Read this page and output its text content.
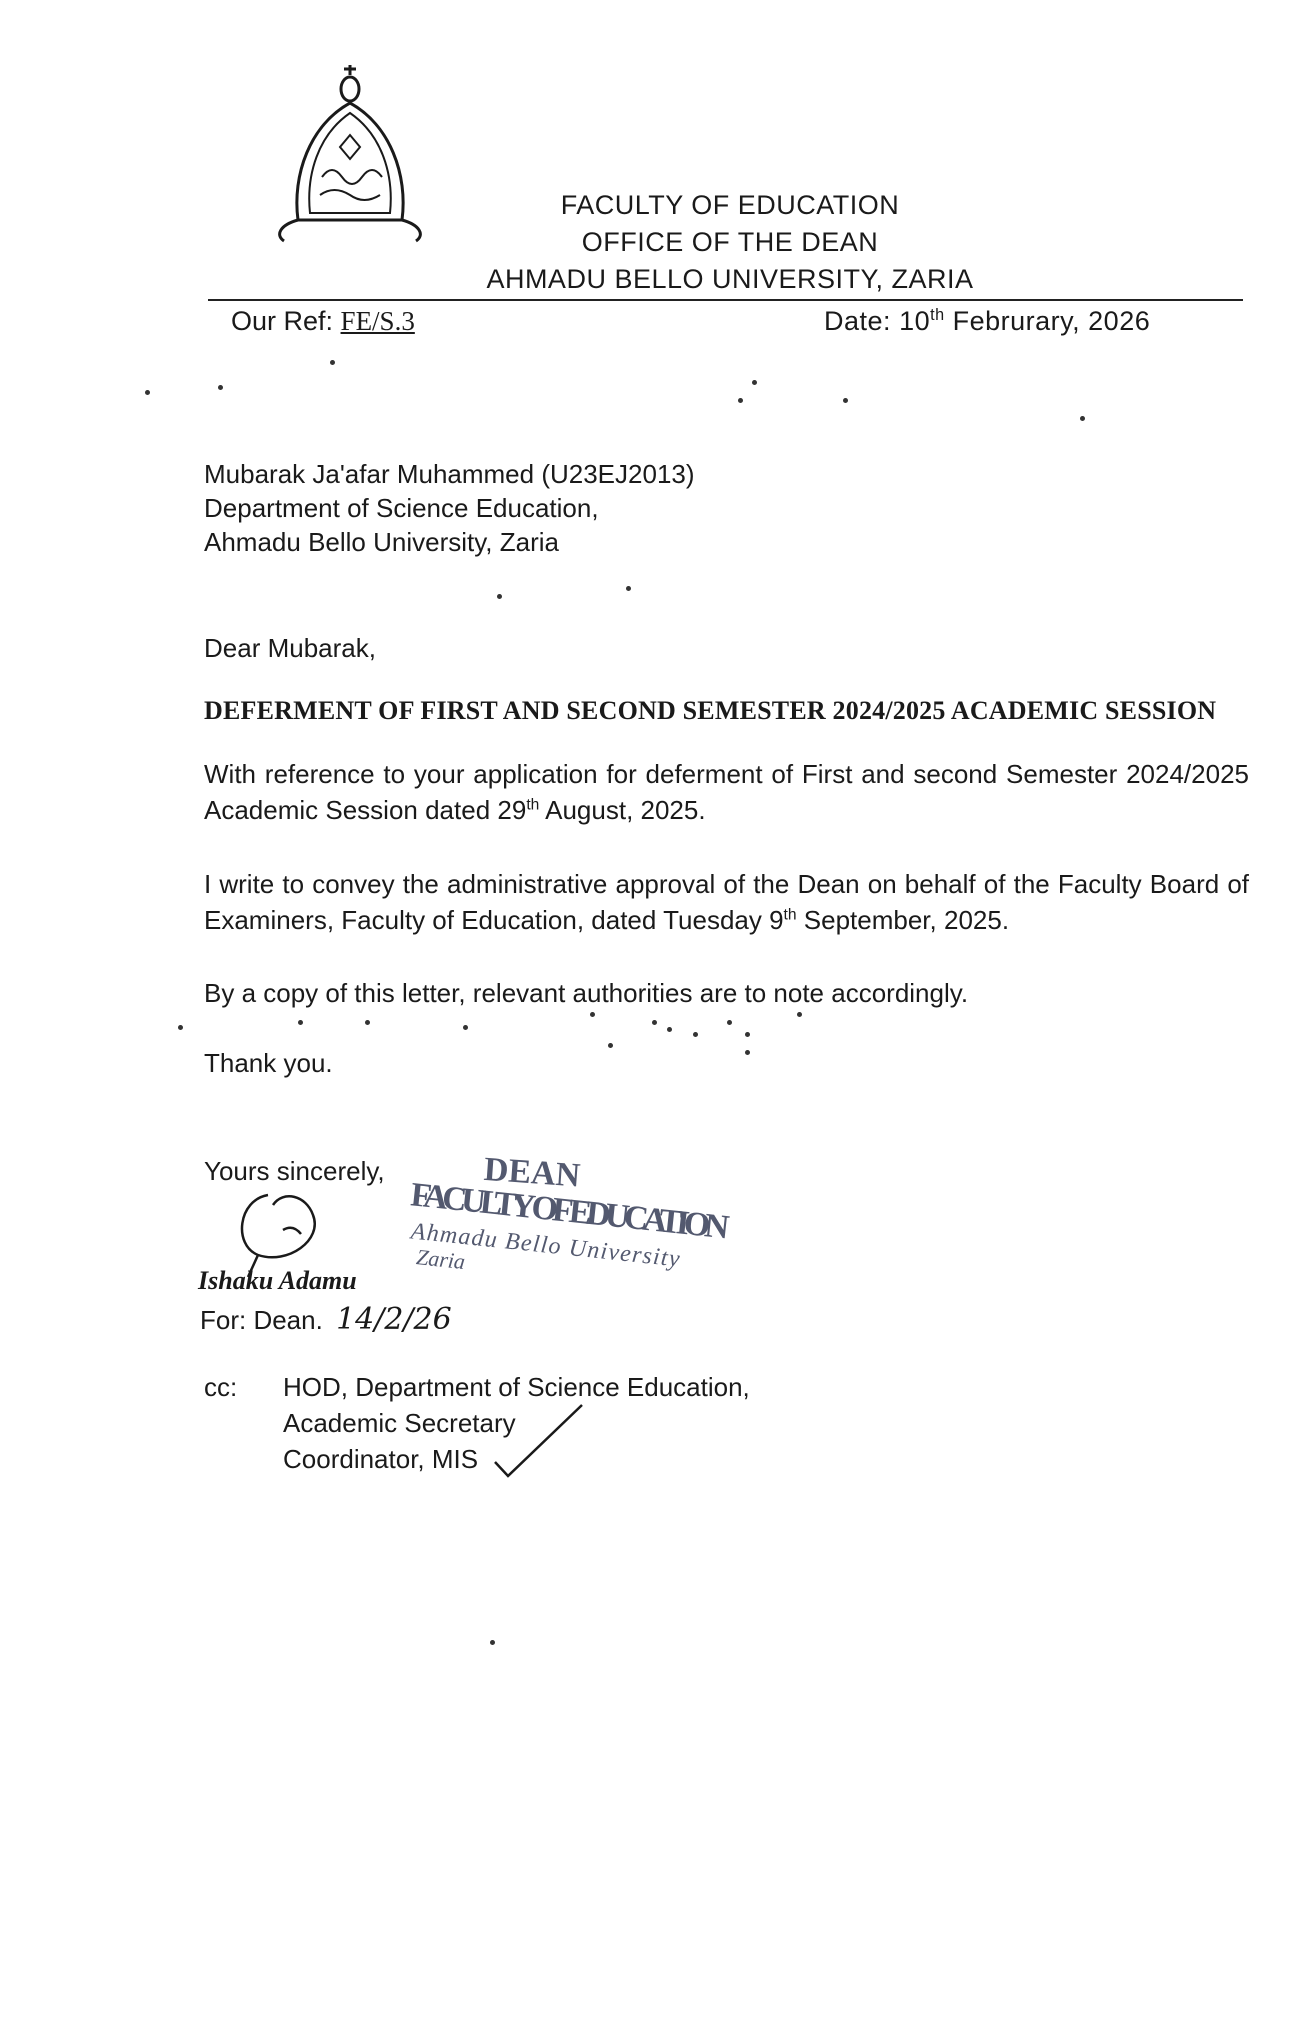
FACULTY OF EDUCATION
OFFICE OF THE DEAN
AHMADU BELLO UNIVERSITY, ZARIA
Our Ref: FE/S.3	Date: 10th Februrary, 2026
Mubarak Ja'afar Muhammed (U23EJ2013)
Department of Science Education,
Ahmadu Bello University, Zaria
Dear Mubarak,
DEFERMENT OF FIRST AND SECOND SEMESTER 2024/2025 ACADEMIC SESSION
With reference to your application for deferment of First and second Semester 2024/2025 Academic Session dated 29th August, 2025.
I write to convey the administrative approval of the Dean on behalf of the Faculty Board of Examiners, Faculty of Education, dated Tuesday 9th September, 2025.
By a copy of this letter, relevant authorities are to note accordingly.
Thank you.
Yours sincerely,	DEAN
FACULTY OF EDUCATION
Ahmadu Bello University
Zaria
Ishaku Adamu
For: Dean. 14/2/26
cc: HOD, Department of Science Education,
Academic Secretary
Coordinator, MIS
